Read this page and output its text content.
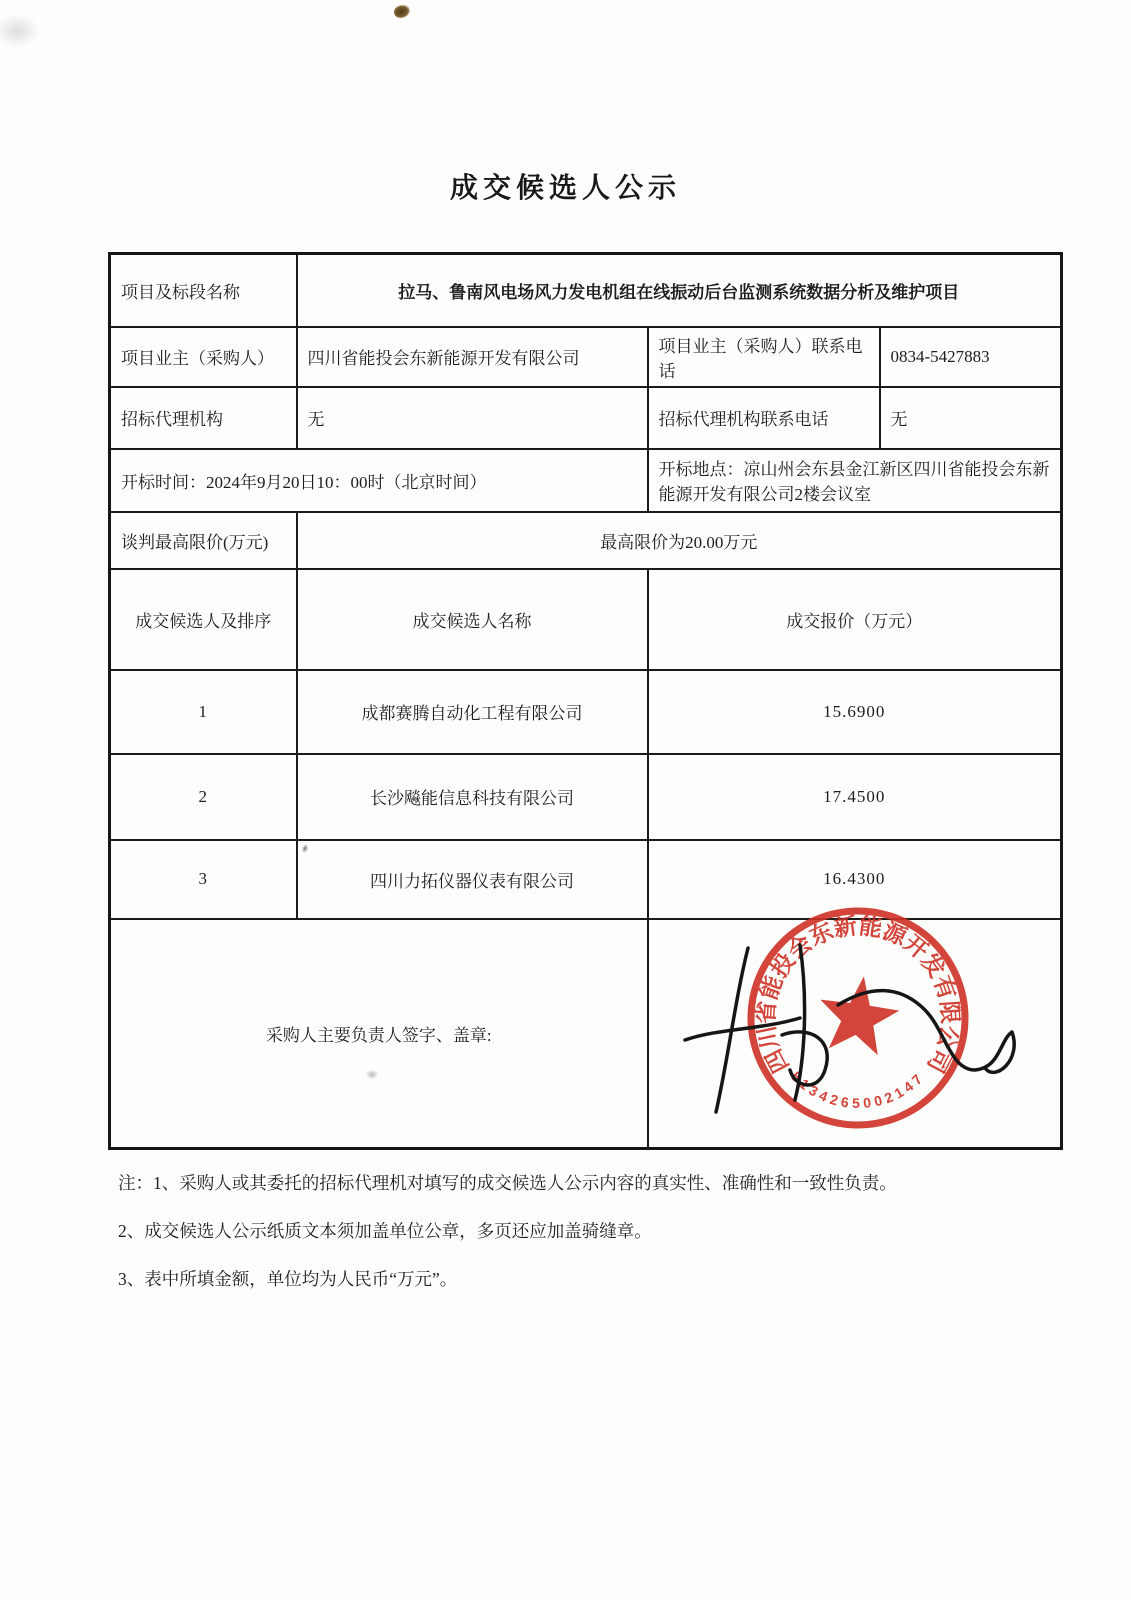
成交候选人公示
项目及标段名称	拉马、鲁南风电场风力发电机组在线振动后台监测系统数据分析及维护项目		
项目业主（采购人）	四川省能投会东新能源开发有限公司	项目业主（采购人）联系电话	0834-5427883
招标代理机构	无	招标代理机构联系电话	无
开标时间：2024年9月20日10：00时（北京时间）		开标地点：凉山州会东县金江新区四川省能投会东新能源开发有限公司2楼会议室	
谈判最高限价(万元)	最高限价为20.00万元		
成交候选人及排序	成交候选人名称	成交报价（万元）	
1	成都赛腾自动化工程有限公司	15.6900	
2	长沙飚能信息科技有限公司	17.4500	
3	四川力拓仪器仪表有限公司	16.4300	
采购人主要负责人签字、盖章:			
四川省能投会东新能源开发有限公司
5134265002147
注：1、采购人或其委托的招标代理机对填写的成交候选人公示内容的真实性、准确性和一致性负责。
2、成交候选人公示纸质文本须加盖单位公章，多页还应加盖骑缝章。
3、表中所填金额，单位均为人民币“万元”。
